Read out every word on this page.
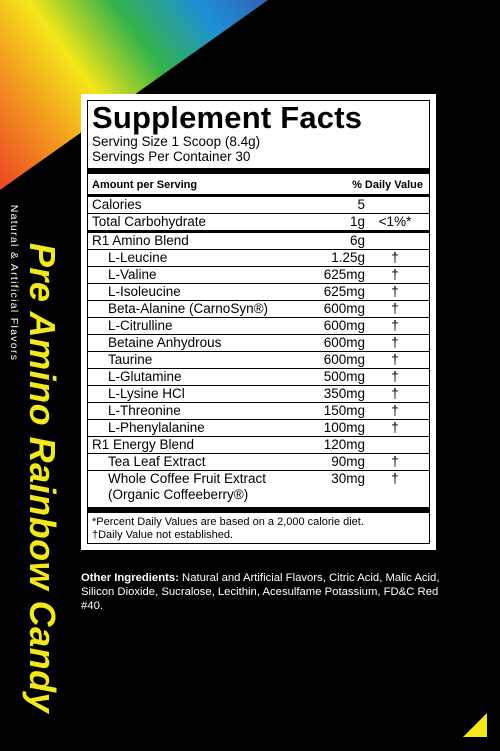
Natural & Artificial Flavors Pre Amino Rainbow Candy
Supplement Facts
Serving Size 1 Scoop (8.4g)
Servings Per Container 30
Amount per Serving	% Daily Value
Calories	5
Total Carbohydrate	1g	<1%*
R1 Amino Blend	6g
L-Leucine	1.25g	†
L-Valine	625mg	†
L-Isoleucine	625mg	†
Beta-Alanine (CarnoSyn®)	600mg	†
L-Citrulline	600mg	†
Betaine Anhydrous	600mg	†
Taurine	600mg	†
L-Glutamine	500mg	†
L-Lysine HCl	350mg	†
L-Threonine	150mg	†
L-Phenylalanine	100mg	†
R1 Energy Blend	120mg
Tea Leaf Extract	90mg	†
Whole Coffee Fruit Extract
(Organic Coffeeberry®)
30mg	†
*Percent Daily Values are based on a 2,000 calorie diet.
†Daily Value not established.
Other Ingredients: Natural and Artificial Flavors, Citric Acid, Malic Acid, Silicon Dioxide, Sucralose, Lecithin, Acesulfame Potassium, FD&C Red #40.
